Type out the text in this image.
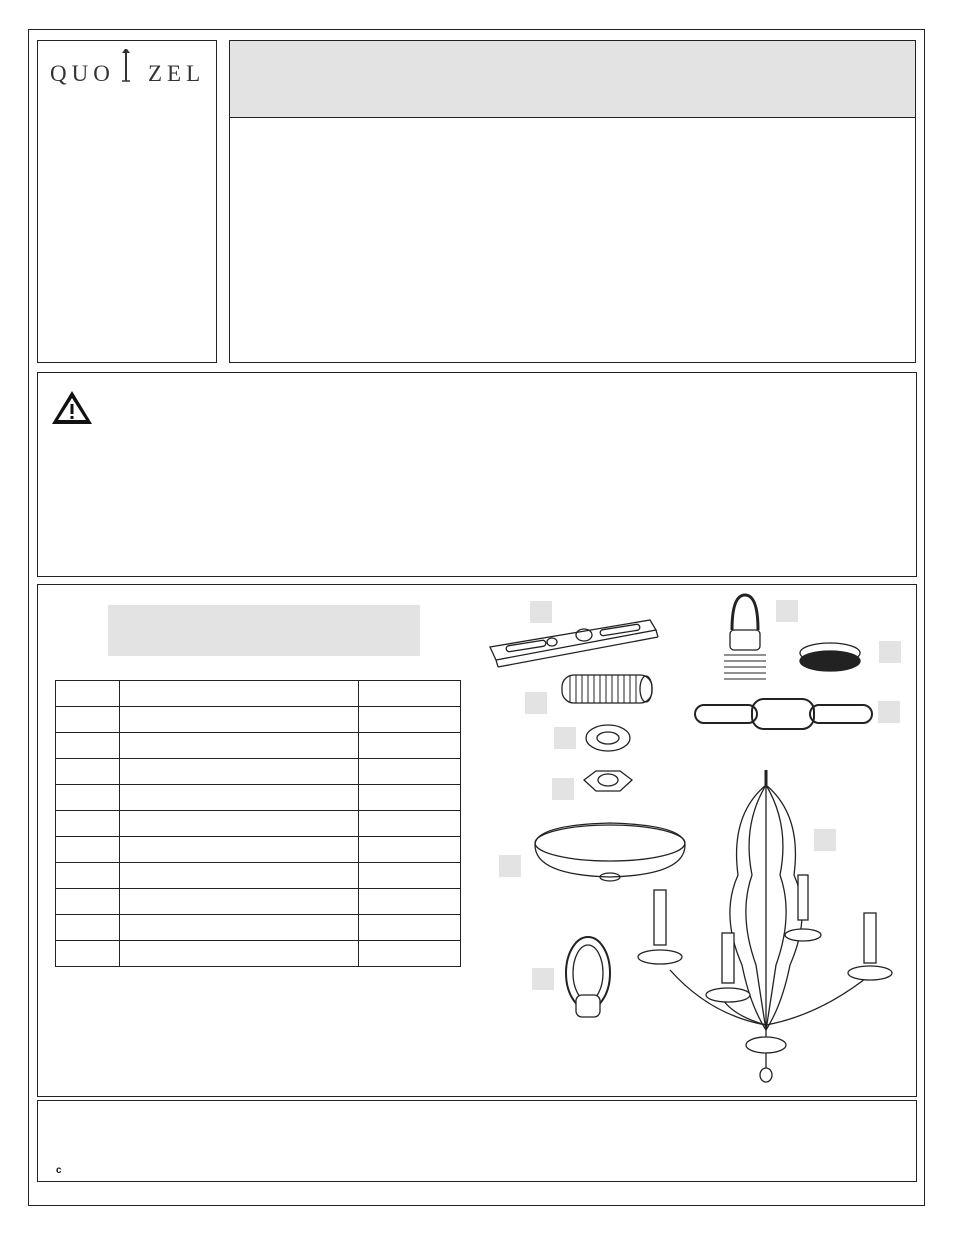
QUO ZEL

c
